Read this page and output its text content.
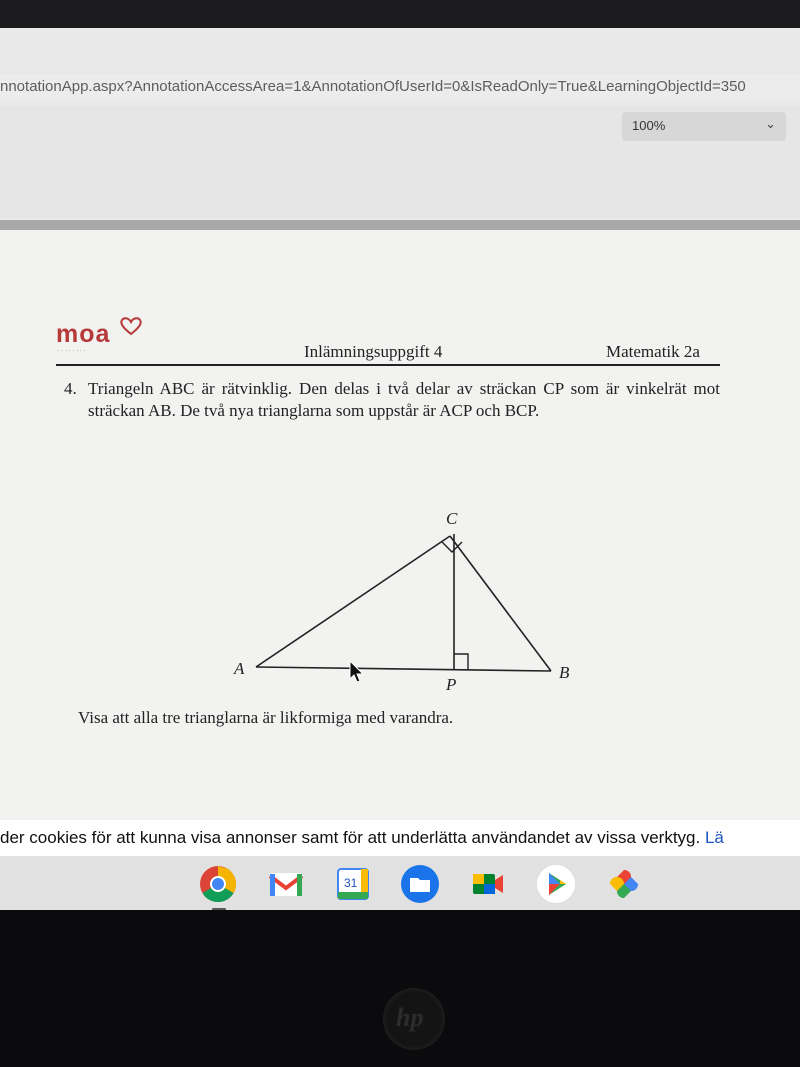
nnotationApp.aspx?AnnotationAccessArea=1&AnnotationOfUserId=0&IsReadOnly=True&LearningObjectId=350
100%	⌄
moa
········	Inlämningsuppgift 4	Matematik 2a
4. Triangeln ABC är rätvinklig. Den delas i två delar av sträckan CP som är vinkelrät mot sträckan AB. De två nya trianglarna som uppstår är ACP och BCP.
C
A	B
P
Visa att alla tre trianglarna är likformiga med varandra.
der cookies för att kunna visa annonser samt för att underlätta användandet av vissa verktyg. Lä
31
hp
